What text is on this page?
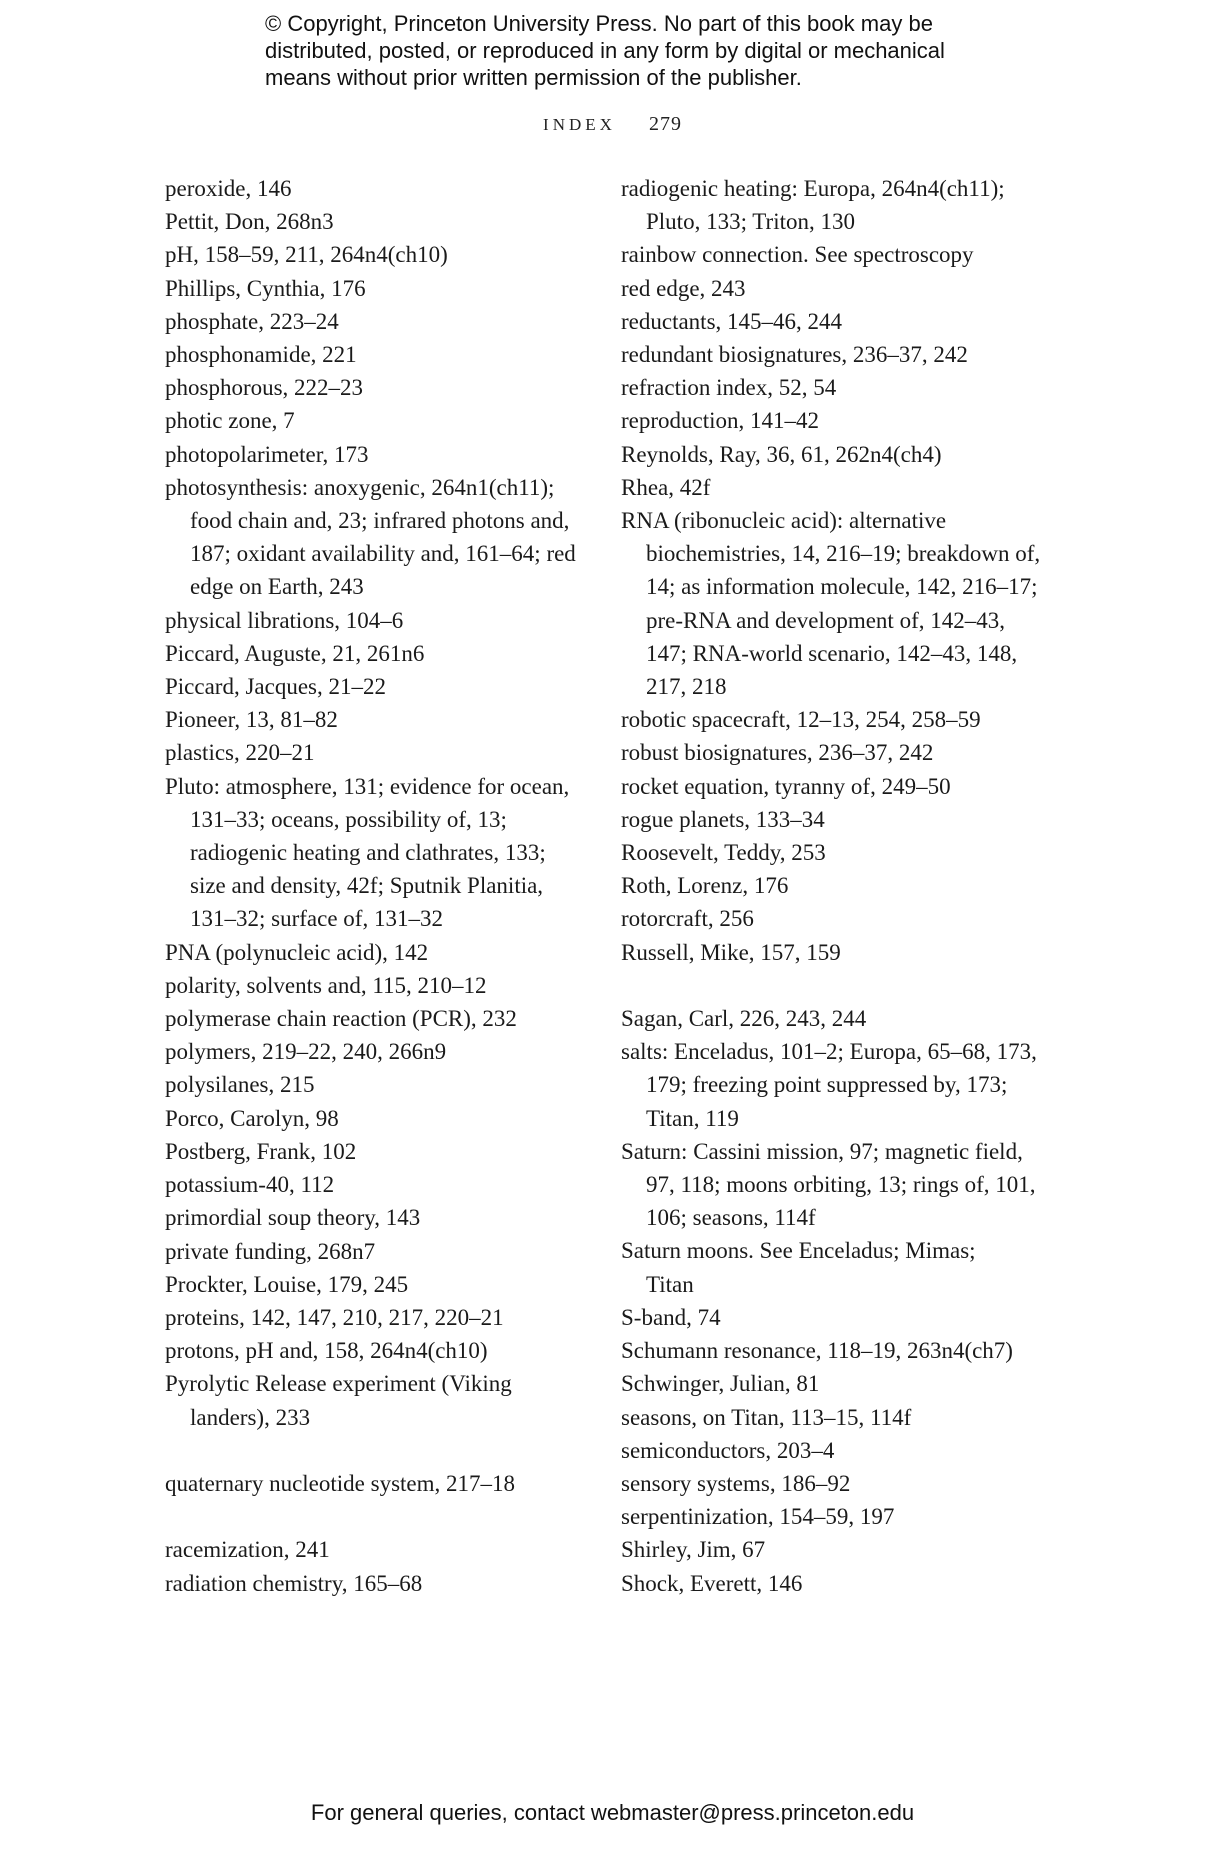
© Copyright, Princeton University Press. No part of this book may be
distributed, posted, or reproduced in any form by digital or mechanical
means without prior written permission of the publisher.
INDEX 279
peroxide, 146
Pettit, Don, 268n3
pH, 158–59, 211, 264n4(ch10)
Phillips, Cynthia, 176
phosphate, 223–24
phosphonamide, 221
phosphorous, 222–23
photic zone, 7
photopolarimeter, 173
photosynthesis: anoxygenic, 264n1(ch11);
food chain and, 23; infrared photons and,
187; oxidant availability and, 161–64; red
edge on Earth, 243
physical librations, 104–6
Piccard, Auguste, 21, 261n6
Piccard, Jacques, 21–22
Pioneer, 13, 81–82
plastics, 220–21
Pluto: atmosphere, 131; evidence for ocean,
131–33; oceans, possibility of, 13;
radiogenic heating and clathrates, 133;
size and density, 42f; Sputnik Planitia,
131–32; surface of, 131–32
PNA (polynucleic acid), 142
polarity, solvents and, 115, 210–12
polymerase chain reaction (PCR), 232
polymers, 219–22, 240, 266n9
polysilanes, 215
Porco, Carolyn, 98
Postberg, Frank, 102
potassium-40, 112
primordial soup theory, 143
private funding, 268n7
Prockter, Louise, 179, 245
proteins, 142, 147, 210, 217, 220–21
protons, pH and, 158, 264n4(ch10)
Pyrolytic Release experiment (Viking
landers), 233
quaternary nucleotide system, 217–18
racemization, 241
radiation chemistry, 165–68
radiogenic heating: Europa, 264n4(ch11);
Pluto, 133; Triton, 130
rainbow connection. See spectroscopy
red edge, 243
reductants, 145–46, 244
redundant biosignatures, 236–37, 242
refraction index, 52, 54
reproduction, 141–42
Reynolds, Ray, 36, 61, 262n4(ch4)
Rhea, 42f
RNA (ribonucleic acid): alternative
biochemistries, 14, 216–19; breakdown of,
14; as information molecule, 142, 216–17;
pre-RNA and development of, 142–43,
147; RNA-world scenario, 142–43, 148,
217, 218
robotic spacecraft, 12–13, 254, 258–59
robust biosignatures, 236–37, 242
rocket equation, tyranny of, 249–50
rogue planets, 133–34
Roosevelt, Teddy, 253
Roth, Lorenz, 176
rotorcraft, 256
Russell, Mike, 157, 159
Sagan, Carl, 226, 243, 244
salts: Enceladus, 101–2; Europa, 65–68, 173,
179; freezing point suppressed by, 173;
Titan, 119
Saturn: Cassini mission, 97; magnetic field,
97, 118; moons orbiting, 13; rings of, 101,
106; seasons, 114f
Saturn moons. See Enceladus; Mimas;
Titan
S-band, 74
Schumann resonance, 118–19, 263n4(ch7)
Schwinger, Julian, 81
seasons, on Titan, 113–15, 114f
semiconductors, 203–4
sensory systems, 186–92
serpentinization, 154–59, 197
Shirley, Jim, 67
Shock, Everett, 146
For general queries, contact webmaster@press.princeton.edu
